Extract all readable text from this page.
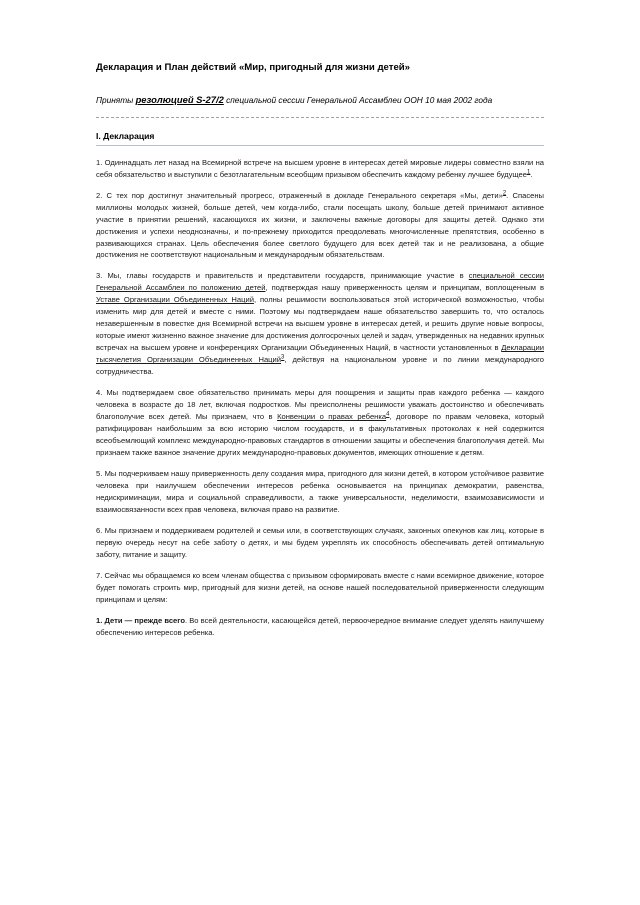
Декларация и План действий «Мир, пригодный для жизни детей»

Приняты резолюцией S-27/2 специальной сессии Генеральной Ассамблеи ООН 10 мая 2002 года

I. Декларация

1. Одиннадцать лет назад на Всемирной встрече на высшем уровне в интересах детей мировые лидеры совместно взяли на себя обязательство и выступили с безотлагательным всеобщим призывом обеспечить каждому ребенку лучшее будущее$^1$.

2. С тех пор достигнут значительный прогресс, отраженный в докладе Генерального секретаря «Мы, дети»$^2$. Спасены миллионы молодых жизней, больше детей, чем когда-либо, стали посещать школу, больше детей принимают активное участие в принятии решений, касающихся их жизни, и заключены важные договоры для защиты детей. Однако эти достижения и успехи неоднозначны, и по-прежнему приходится преодолевать многочисленные препятствия, особенно в развивающихся странах. Цель обеспечения более светлого будущего для всех детей так и не реализована, а общие достижения не соответствуют национальным и международным обязательствам.

3. Мы, главы государств и правительств и представители государств, принимающие участие в специальной сессии Генеральной Ассамблеи по положению детей, подтверждая нашу приверженность целям и принципам, воплощенным в Уставе Организации Объединенных Наций, полны решимости воспользоваться этой исторической возможностью, чтобы изменить мир для детей и вместе с ними. Поэтому мы подтверждаем наше обязательство завершить то, что осталось незавершенным в повестке дня Всемирной встречи на высшем уровне в интересах детей, и решить другие новые вопросы, которые имеют жизненно важное значение для достижения долгосрочных целей и задач, утвержденных на недавних крупных встречах на высшем уровне и конференциях Организации Объединенных Наций, в частности установленных в Декларации тысячелетия Организации Объединенных Наций$^3$, действуя на национальном уровне и по линии международного сотрудничества.

4. Мы подтверждаем свое обязательство принимать меры для поощрения и защиты прав каждого ребенка — каждого человека в возрасте до 18 лет, включая подростков. Мы преисполнены решимости уважать достоинство и обеспечивать благополучие всех детей. Мы признаем, что в Конвенции о правах ребенка$^4$, договоре по правам человека, который ратифицирован наибольшим за всю историю числом государств, и в факультативных протоколах к ней содержится всеобъемлющий комплекс международно-правовых стандартов в отношении защиты и обеспечения благополучия детей. Мы признаем также важное значение других международно-правовых документов, имеющих отношение к детям.

5. Мы подчеркиваем нашу приверженность делу создания мира, пригодного для жизни детей, в котором устойчивое развитие человека при наилучшем обеспечении интересов ребенка основывается на принципах демократии, равенства, недискриминации, мира и социальной справедливости, а также универсальности, неделимости, взаимозависимости и взаимосвязанности всех прав человека, включая право на развитие.

6. Мы признаем и поддерживаем родителей и семьи или, в соответствующих случаях, законных опекунов как лиц, которые в первую очередь несут на себе заботу о детях, и мы будем укреплять их способность обеспечивать детей оптимальную заботу, питание и защиту.

7. Сейчас мы обращаемся ко всем членам общества с призывом сформировать вместе с нами всемирное движение, которое будет помогать строить мир, пригодный для жизни детей, на основе нашей последовательной приверженности следующим принципам и целям:

1. Дети — прежде всего. Во всей деятельности, касающейся детей, первоочередное внимание следует уделять наилучшему обеспечению интересов ребенка.
